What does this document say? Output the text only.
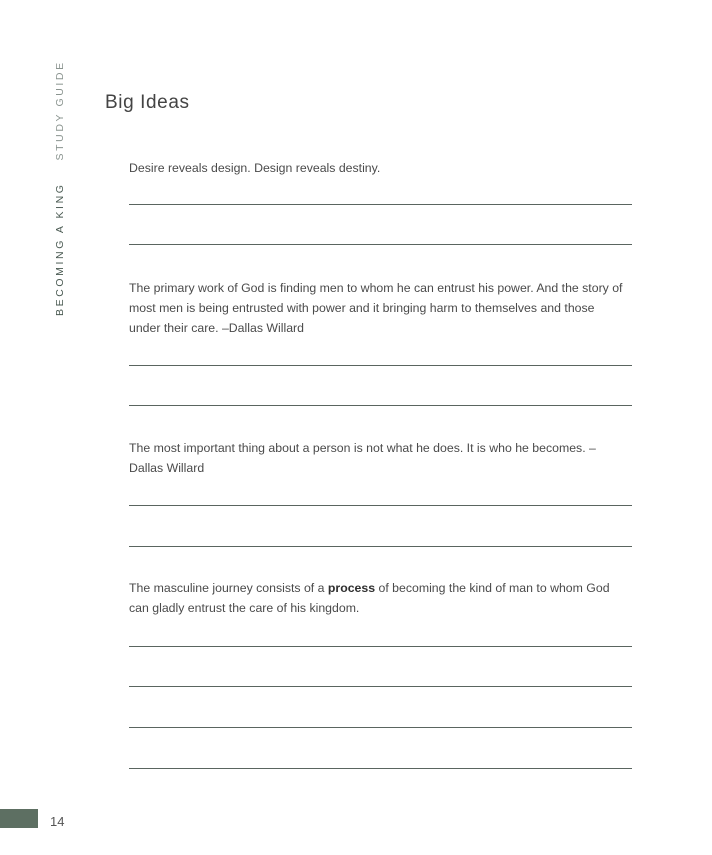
BECOMING A KINGSTUDY GUIDE Big Ideas

Desire reveals design. Design reveals destiny.

The primary work of God is finding men to whom he can entrust his power. And the story of most men is being entrusted with power and it bringing harm to themselves and those under their care. –Dallas Willard

The most important thing about a person is not what he does. It is who he becomes. –Dallas Willard

The masculine journey consists of a process of becoming the kind of man to whom God can gladly entrust the care of his kingdom.

14
